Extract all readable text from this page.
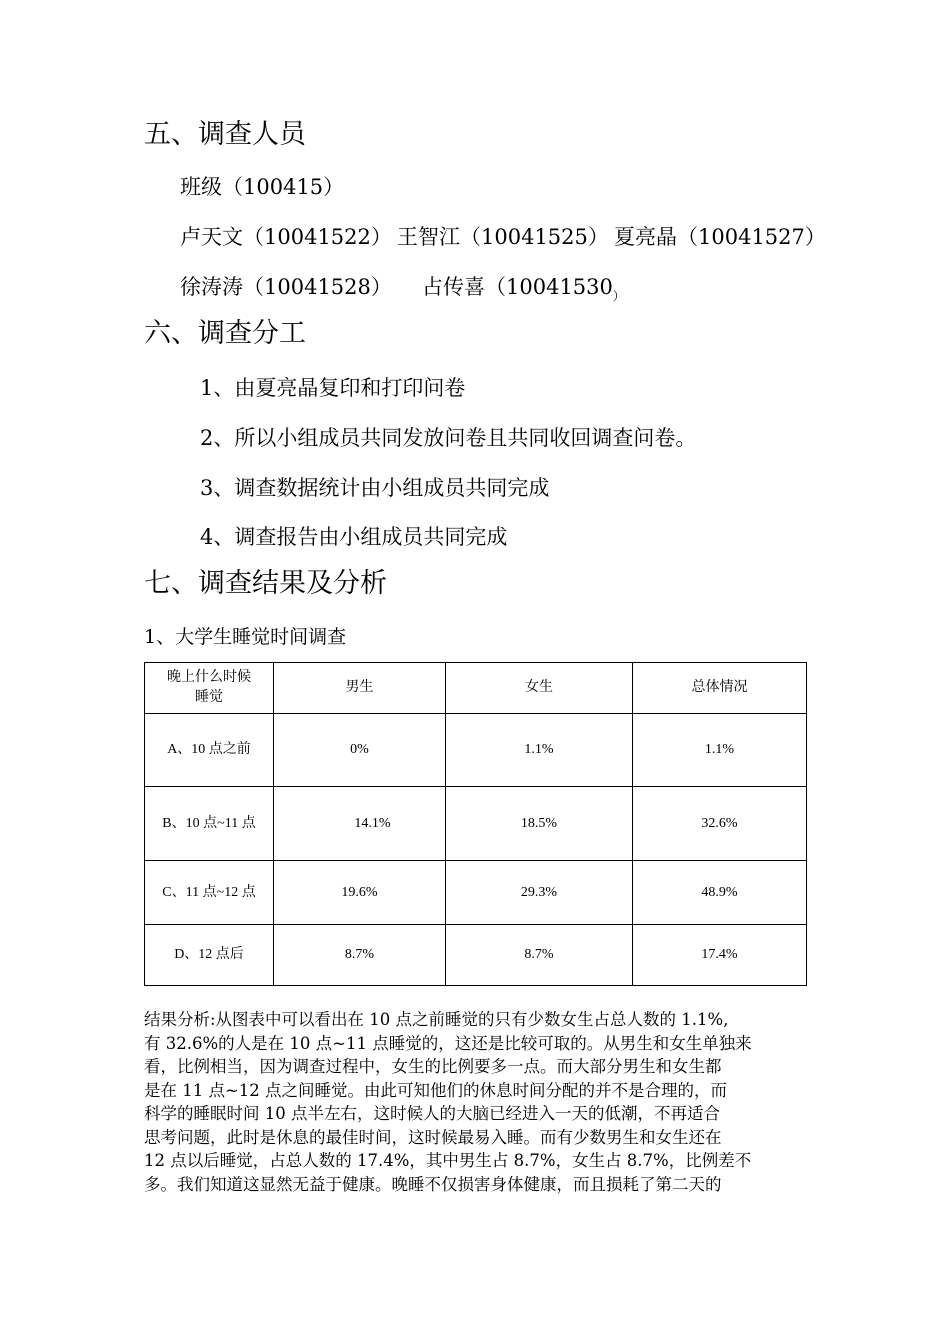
五、调查人员
班级（100415）
卢天文（10041522） 王智江（10041525） 夏亮晶（10041527）
徐涛涛（10041528） 占传喜（$10041530_)$
六、调查分工
1、由夏亮晶复印和打印问卷
2、所以小组成员共同发放问卷且共同收回调查问卷。
3、调查数据统计由小组成员共同完成
4、调查报告由小组成员共同完成
七、调查结果及分析
1、大学生睡觉时间调查
晚上什么时候
睡觉	男生	女生	总体情况
A、10 点之前	0%	1.1%	1.1%
B、10 点~11 点	14.1%	18.5%	32.6%
C、11 点~12 点	19.6%	29.3%	48.9%
D、12 点后	8.7%	8.7%	17.4%
结果分析:从图表中可以看出在 10 点之前睡觉的只有少数女生占总人数的 1.1%,
有 32.6%的人是在 10 点~11 点睡觉的，这还是比较可取的。从男生和女生单独来
看，比例相当，因为调查过程中，女生的比例要多一点。而大部分男生和女生都
是在 11 点~12 点之间睡觉。由此可知他们的休息时间分配的并不是合理的，而
科学的睡眠时间 10 点半左右，这时候人的大脑已经进入一天的低潮，不再适合
思考问题，此时是休息的最佳时间，这时候最易入睡。而有少数男生和女生还在
12 点以后睡觉，占总人数的 17.4%，其中男生占 8.7%，女生占 8.7%，比例差不
多。我们知道这显然无益于健康。晚睡不仅损害身体健康，而且损耗了第二天的
